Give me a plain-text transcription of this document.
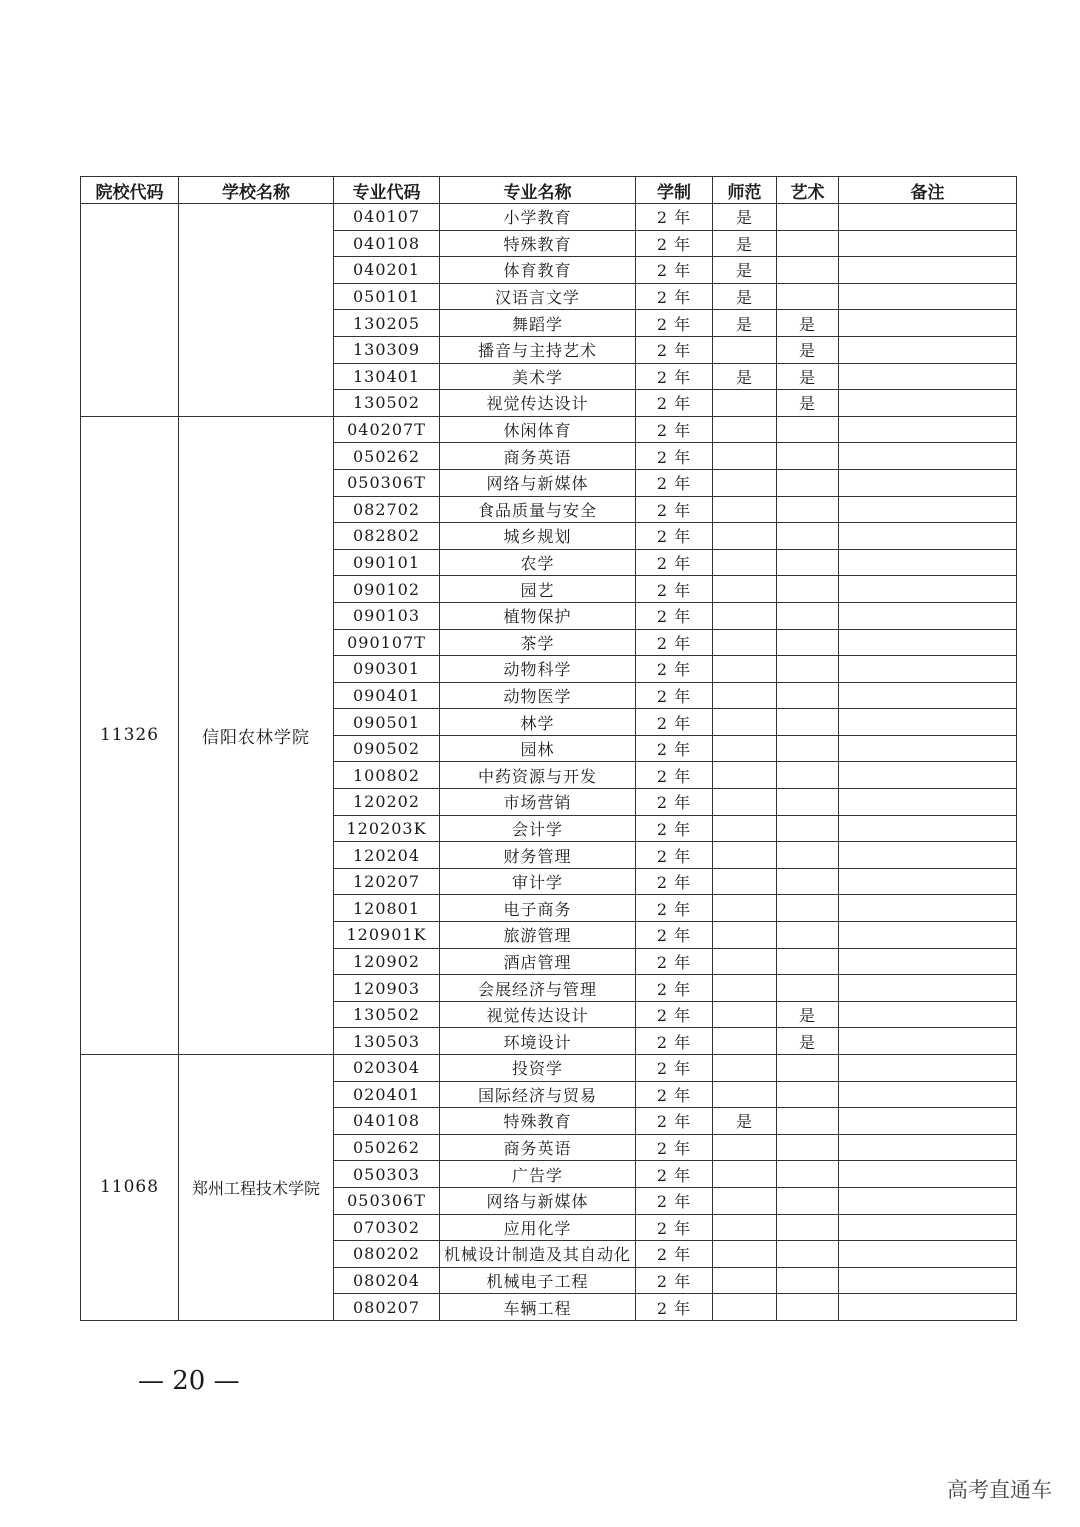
院校代码	学校名称	专业代码	专业名称	学制	师范	艺术	备注
		040107	小学教育	2 年	是		
		040108	特殊教育	2 年	是		
		040201	体育教育	2 年	是		
		050101	汉语言文学	2 年	是		
		130205	舞蹈学	2 年	是	是	
		130309	播音与主持艺术	2 年		是	
		130401	美术学	2 年	是	是	
		130502	视觉传达设计	2 年		是	
11326	信阳农林学院	040207T	休闲体育	2 年			
		050262	商务英语	2 年			
		050306T	网络与新媒体	2 年			
		082702	食品质量与安全	2 年			
		082802	城乡规划	2 年			
		090101	农学	2 年			
		090102	园艺	2 年			
		090103	植物保护	2 年			
		090107T	茶学	2 年			
		090301	动物科学	2 年			
		090401	动物医学	2 年			
		090501	林学	2 年			
		090502	园林	2 年			
		100802	中药资源与开发	2 年			
		120202	市场营销	2 年			
		120203K	会计学	2 年			
		120204	财务管理	2 年			
		120207	审计学	2 年			
		120801	电子商务	2 年			
		120901K	旅游管理	2 年			
		120902	酒店管理	2 年			
		120903	会展经济与管理	2 年			
		130502	视觉传达设计	2 年		是	
		130503	环境设计	2 年		是	
11068	郑州工程技术学院	020304	投资学	2 年			
		020401	国际经济与贸易	2 年			
		040108	特殊教育	2 年	是		
		050262	商务英语	2 年			
		050303	广告学	2 年			
		050306T	网络与新媒体	2 年			
		070302	应用化学	2 年			
		080202	机械设计制造及其自动化	2 年			
		080204	机械电子工程	2 年			
		080207	车辆工程	2 年			
— 20 —
高考直通车
